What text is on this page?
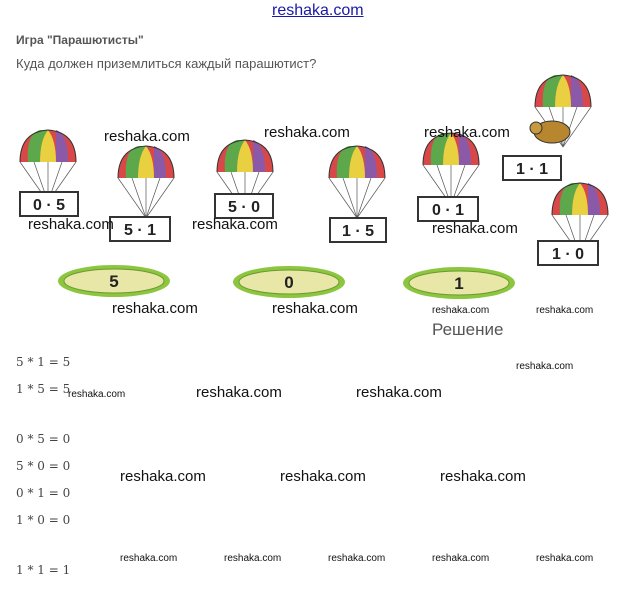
reshaka.com
Игра "Парашютисты"
Куда должен приземлиться каждый парашютист?
0 · 5
5 · 1
5 · 0
1 · 5
0 · 1
1 · 1
1 · 0
5	0	1
reshaka.com	reshaka.com	reshaka.com
reshaka.com	reshaka.com	reshaka.com
reshaka.com	reshaka.com	reshaka.com	reshaka.com
Решение
reshaka.com
5 * 1 = 5
1 * 5 = 5
0 * 5 = 0
5 * 0 = 0
0 * 1 = 0
1 * 0 = 0
1 * 1 = 1
reshaka.com	reshaka.com	reshaka.com
reshaka.com	reshaka.com	reshaka.com
reshaka.com	reshaka.com	reshaka.com	reshaka.com	reshaka.com
